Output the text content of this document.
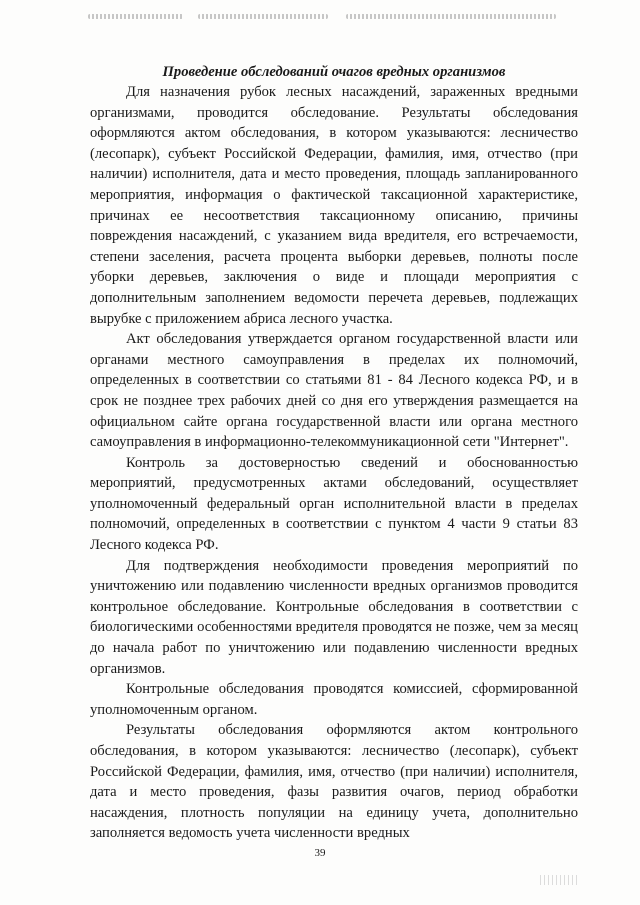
Проведение обследований очагов вредных организмов

Для назначения рубок лесных насаждений, зараженных вредными организмами, проводится обследование. Результаты обследования оформляются актом обследования, в котором указываются: лесничество (лесопарк), субъект Российской Федерации, фамилия, имя, отчество (при наличии) исполнителя, дата и место проведения, площадь запланированного мероприятия, информация о фактической таксационной характеристике, причинах ее несоответствия таксационному описанию, причины повреждения насаждений, с указанием вида вредителя, его встречаемости, степени заселения, расчета процента выборки деревьев, полноты после уборки деревьев, заключения о виде и площади мероприятия с дополнительным заполнением ведомости перечета деревьев, подлежащих вырубке с приложением абриса лесного участка.

Акт обследования утверждается органом государственной власти или органами местного самоуправления в пределах их полномочий, определенных в соответствии со статьями 81 - 84 Лесного кодекса РФ, и в срок не позднее трех рабочих дней со дня его утверждения размещается на официальном сайте органа государственной власти или органа местного самоуправления в информационно-телекоммуникационной сети "Интернет".

Контроль за достоверностью сведений и обоснованностью мероприятий, предусмотренных актами обследований, осуществляет уполномоченный федеральный орган исполнительной власти в пределах полномочий, определенных в соответствии с пунктом 4 части 9 статьи 83 Лесного кодекса РФ.

Для подтверждения необходимости проведения мероприятий по уничтожению или подавлению численности вредных организмов проводится контрольное обследование. Контрольные обследования в соответствии с биологическими особенностями вредителя проводятся не позже, чем за месяц до начала работ по уничтожению или подавлению численности вредных организмов.

Контрольные обследования проводятся комиссией, сформированной уполномоченным органом.

Результаты обследования оформляются актом контрольного обследования, в котором указываются: лесничество (лесопарк), субъект Российской Федерации, фамилия, имя, отчество (при наличии) исполнителя, дата и место проведения, фазы развития очагов, период обработки насаждения, плотность популяции на единицу учета, дополнительно заполняется ведомость учета численности вредных

39
